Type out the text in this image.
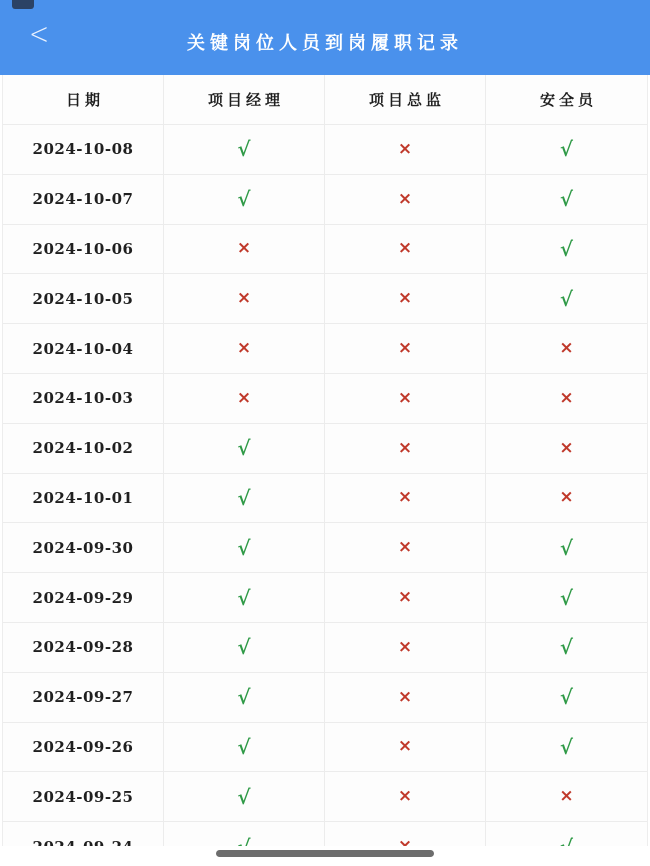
<	关键岗位人员到岗履职记录
日期	项目经理	项目总监	安全员
2024-10-08	√	×	√
2024-10-07	√	×	√
2024-10-06	×	×	√
2024-10-05	×	×	√
2024-10-04	×	×	×
2024-10-03	×	×	×
2024-10-02	√	×	×
2024-10-01	√	×	×
2024-09-30	√	×	√
2024-09-29	√	×	√
2024-09-28	√	×	√
2024-09-27	√	×	√
2024-09-26	√	×	√
2024-09-25	√	×	×
